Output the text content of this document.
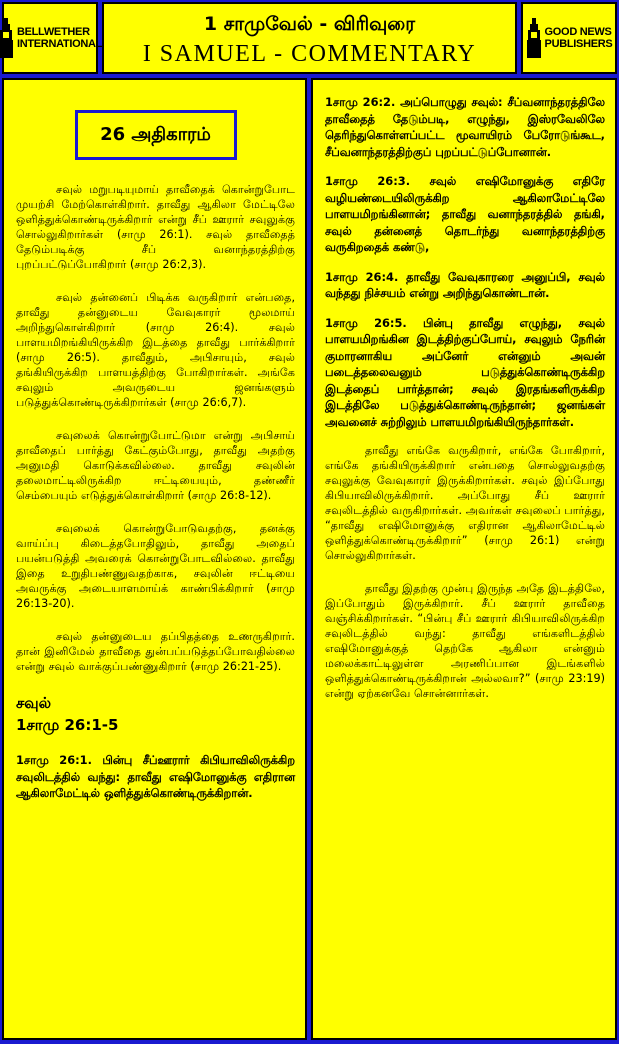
BELLWETHER
INTERNATIONAL
1 சாமுவேல் - விரிவுரை
I SAMUEL - COMMENTARY
GOOD NEWS
PUBLISHERS
26 அதிகாரம்

சவுல் மறுபடியுமாய் தாவீதைக் கொன்றுபோட முயற்சி மேற்கொள்கிறார். தாவீது ஆகிலா மேட்டிலே ஒளித்துக்கொண்டிருக்கிறார் என்று சீப் ஊரார் சவுலுக்கு சொல்லுகிறார்கள் (சாமு 26:1). சவுல் தாவீதைத் தேடும்படிக்கு சீப் வனாந்தரத்திற்கு புறப்பட்டுப்போகிறார் (சாமு 26:2,3).

சவுல் தன்னைப் பிடிக்க வருகிறார் என்பதை, தாவீது தன்னுடைய வேவுகாரர் மூலமாய் அறிந்துகொள்கிறார் (சாமு 26:4). சவுல் பாளயமிறங்கியிருக்கிற இடத்தை தாவீது பார்க்கிறார் (சாமு 26:5). தாவீதும், அபிசாயும், சவுல் தங்கியிருக்கிற பாளயத்திற்கு போகிறார்கள். அங்கே சவுலும் அவருடைய ஜனங்களும் படுத்துக்கொண்டிருக்கிறார்கள் (சாமு 26:6,7).

சவுலைக் கொன்றுபோட்டுமா என்று அபிசாய் தாவீதைப் பார்த்து கேட்கும்போது, தாவீது அதற்கு அனுமதி கொடுக்கவில்லை. தாவீது சவுலின் தலைமாட்டிலிருக்கிற ஈட்டியையும், தண்ணீர் செம்பையும் எடுத்துக்கொள்கிறார் (சாமு 26:8-12).

சவுலைக் கொன்றுபோடுவதற்கு, தனக்கு வாய்ப்பு கிடைத்தபோதிலும், தாவீது அதைப் பயன்படுத்தி அவரைக் கொன்றுபோடவில்லை. தாவீது இதை உறுதிபண்ணுவதற்காக, சவுலின் ஈட்டியை அவருக்கு அடையாளமாய்க் காண்பிக்கிறார் (சாமு 26:13-20).

சவுல் தன்னுடைய தப்பிதத்தை உணருகிறார். தான் இனிமேல் தாவீதை துன்பப்படுத்தப்போவதில்லை என்று சவுல் வாக்குப்பண்ணுகிறார் (சாமு 26:21-25).

சவுல்
1சாமு 26:1-5

1சாமு 26:1. பின்பு சீப்ஊரார் கிபியாவிலிருக்கிற சவுலிடத்தில் வந்து: தாவீது எஷிமோனுக்கு எதிரான ஆகிலாமேட்டில் ஒளித்துக்கொண்டிருக்கிறான்.

1சாமு 26:2. அப்பொழுது சவுல்: சீப்வனாந்தரத்திலே தாவீதைத் தேடும்படி, எழுந்து, இஸ்ரவேலிலே தெரிந்துகொள்ளப்பட்ட மூவாயிரம் பேரோடுங்கூட, சீப்வனாந்தரத்திற்குப் புறப்பட்டுப்போனான்.

1சாமு 26:3. சவுல் எஷிமோனுக்கு எதிரே வழியண்டையிலிருக்கிற ஆகிலாமேட்டிலே பாளயமிறங்கினான்; தாவீது வனாந்தரத்தில் தங்கி, சவுல் தன்னைத் தொடர்ந்து வனாந்தரத்திற்கு வருகிறதைக் கண்டு,

1சாமு 26:4. தாவீது வேவுகாரரை அனுப்பி, சவுல் வந்தது நிச்சயம் என்று அறிந்துகொண்டான்.

1சாமு 26:5. பின்பு தாவீது எழுந்து, சவுல் பாளயமிறங்கின இடத்திற்குப்போய், சவுலும் நேரின் குமாரனாகிய அப்னேர் என்னும் அவன் படைத்தலைவனும் படுத்துக்கொண்டிருக்கிற இடத்தைப் பார்த்தான்; சவுல் இரதங்களிருக்கிற இடத்திலே படுத்துக்கொண்டிருந்தான்; ஜனங்கள் அவனைச் சுற்றிலும் பாளயமிறங்கியிருந்தார்கள்.

தாவீது எங்கே வருகிறார், எங்கே போகிறார், எங்கே தங்கியிருக்கிறார் என்பதை சொல்லுவதற்கு சவுலுக்கு வேவுகாரர் இருக்கிறார்கள். சவுல் இப்போது கிபியாவிலிருக்கிறார். அப்போது சீப் ஊரார் சவுலிடத்தில் வருகிறார்கள். அவர்கள் சவுலைப் பார்த்து, “தாவீது எஷிமோனுக்கு எதிரான ஆகிலாமேட்டில் ஒளித்துக்கொண்டிருக்கிறார்” (சாமு 26:1) என்று சொல்லுகிறார்கள்.

தாவீது இதற்கு முன்பு இருந்த அதே இடத்திலே, இப்போதும் இருக்கிறார். சீப் ஊரார் தாவீதை வஞ்சிக்கிறார்கள். “பின்பு சீப் ஊரார் கிபியாவிலிருக்கிற சவுலிடத்தில் வந்து: தாவீது எங்களிடத்தில் எஷிமோனுக்குத் தெற்கே ஆகிலா என்னும் மலைக்காட்டிலுள்ள அரணிப்பான இடங்களில் ஒளித்துக்கொண்டிருக்கிறான் அல்லவா?” (சாமு 23:19) என்று ஏற்கனவே சொன்னார்கள்.
